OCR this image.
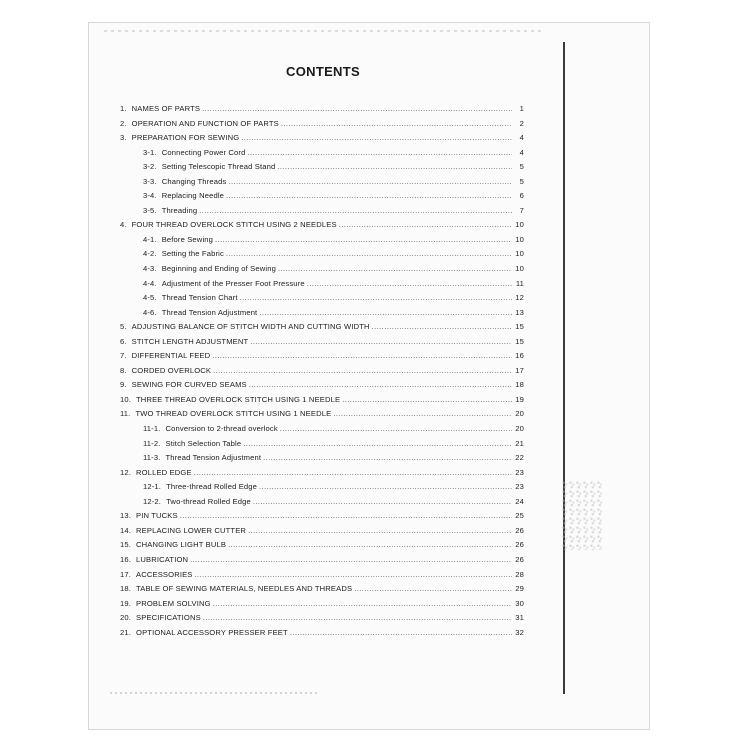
CONTENTS
1. NAMES OF PARTS .....	1
2. OPERATION AND FUNCTION OF PARTS .....	2
3. PREPARATION FOR SEWING .....	4
3-1. Connecting Power Cord .....	4
3-2. Setting Telescopic Thread Stand .....	5
3-3. Changing Threads .....	5
3-4. Replacing Needle .....	6
3-5. Threading .....	7
4. FOUR THREAD OVERLOCK STITCH USING 2 NEEDLES .....	10
4-1. Before Sewing .....	10
4-2. Setting the Fabric .....	10
4-3. Beginning and Ending of Sewing .....	10
4-4. Adjustment of the Presser Foot Pressure .....	11
4-5. Thread Tension Chart .....	12
4-6. Thread Tension Adjustment .....	13
5. ADJUSTING BALANCE OF STITCH WIDTH AND CUTTING WIDTH .....	15
6. STITCH LENGTH ADJUSTMENT .....	15
7. DIFFERENTIAL FEED .....	16
8. CORDED OVERLOCK .....	17
9. SEWING FOR CURVED SEAMS .....	18
10. THREE THREAD OVERLOCK STITCH USING 1 NEEDLE .....	19
11. TWO THREAD OVERLOCK STITCH USING 1 NEEDLE .....	20
11-1. Conversion to 2-thread overlock .....	20
11-2. Stitch Selection Table .....	21
11-3. Thread Tension Adjustment .....	22
12. ROLLED EDGE .....	23
12-1. Three-thread Rolled Edge .....	23
12-2. Two-thread Rolled Edge .....	24
13. PIN TUCKS .....	25
14. REPLACING LOWER CUTTER .....	26
15. CHANGING LIGHT BULB .....	26
16. LUBRICATION .....	26
17. ACCESSORIES .....	28
18. TABLE OF SEWING MATERIALS, NEEDLES AND THREADS .....	29
19. PROBLEM SOLVING .....	30
20. SPECIFICATIONS .....	31
21. OPTIONAL ACCESSORY PRESSER FEET .....	32
